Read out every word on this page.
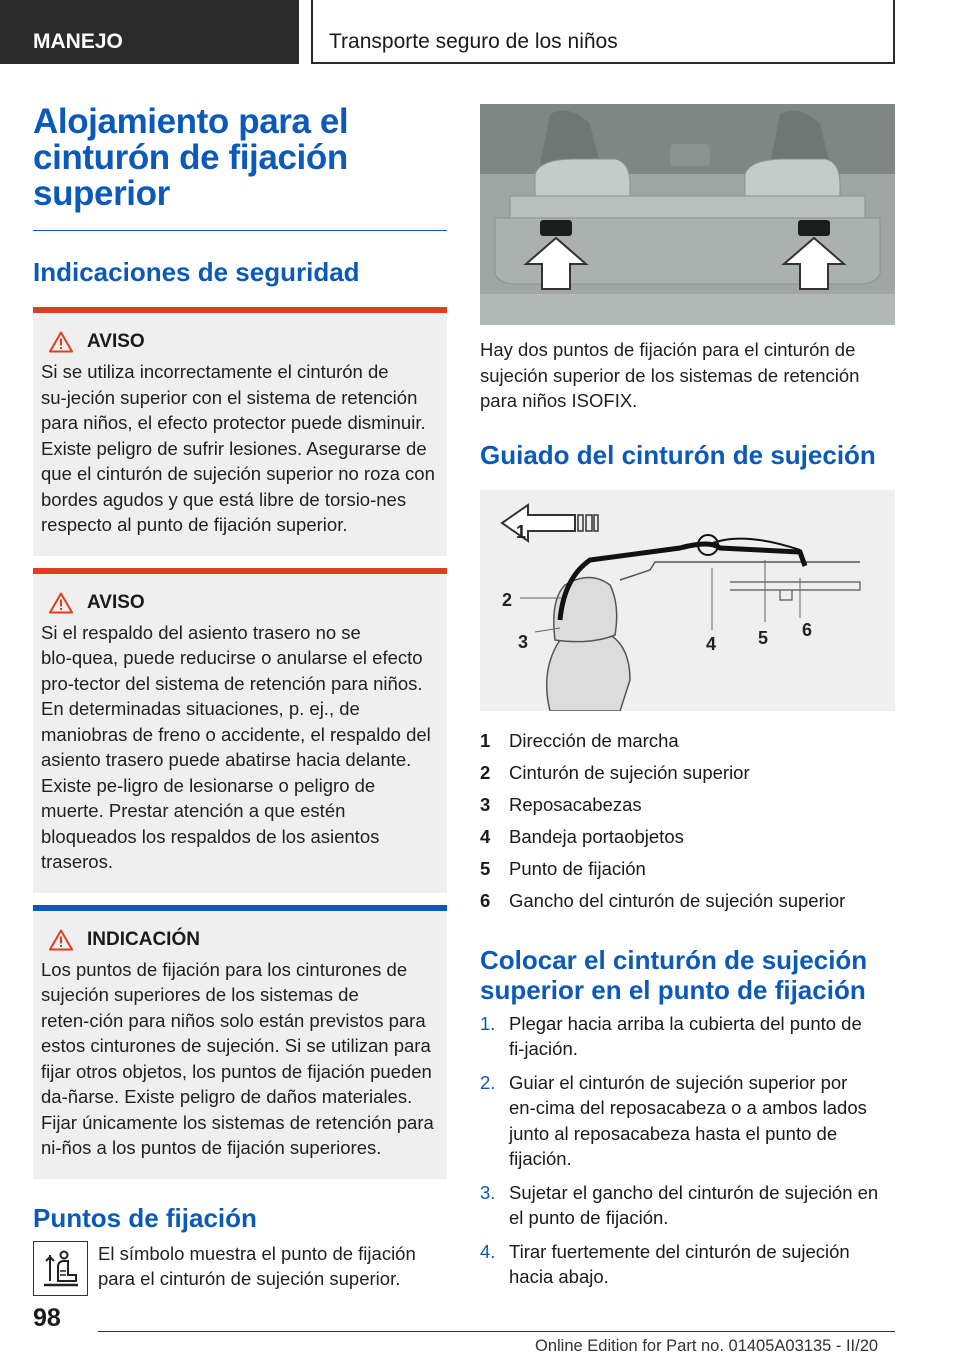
MANEJO	Transporte seguro de los niños
Alojamiento para el cinturón de fijación superior
Indicaciones de seguridad
AVISO

Si se utiliza incorrectamente el cinturón de su‑jeción superior con el sistema de retención para niños, el efecto protector puede disminuir. Existe peligro de sufrir lesiones. Asegurarse de que el cinturón de sujeción superior no roza con bordes agudos y que está libre de torsio‑nes respecto al punto de fijación superior.

AVISO

Si el respaldo del asiento trasero no se blo‑quea, puede reducirse o anularse el efecto pro‑tector del sistema de retención para niños. En determinadas situaciones, p. ej., de maniobras de freno o accidente, el respaldo del asiento trasero puede abatirse hacia delante. Existe pe‑ligro de lesionarse o peligro de muerte. Prestar atención a que estén bloqueados los respaldos de los asientos traseros.

INDICACIÓN

Los puntos de fijación para los cinturones de sujeción superiores de los sistemas de reten‑ción para niños solo están previstos para estos cinturones de sujeción. Si se utilizan para fijar otros objetos, los puntos de fijación pueden da‑ñarse. Existe peligro de daños materiales. Fijar únicamente los sistemas de retención para ni‑ños a los puntos de fijación superiores.

Puntos de fijación

El símbolo muestra el punto de fijación para el cinturón de sujeción superior.

Hay dos puntos de fijación para el cinturón de sujeción superior de los sistemas de retención para niños ISOFIX.

Guiado del cinturón de sujeción
1
2
3	4 5 6
1	Dirección de marcha
2	Cinturón de sujeción superior
3	Reposacabezas
4	Bandeja portaobjetos
5	Punto de fijación
6	Gancho del cinturón de sujeción superior
Colocar el cinturón de sujeción superior en el punto de fijación
1. Plegar hacia arriba la cubierta del punto de fi‑jación.
2. Guiar el cinturón de sujeción superior por en‑cima del reposacabeza o a ambos lados junto al reposacabeza hasta el punto de fijación.
3. Sujetar el gancho del cinturón de sujeción en el punto de fijación.
4. Tirar fuertemente del cinturón de sujeción hacia abajo.
98
Online Edition for Part no. 01405A03135 - II/20
